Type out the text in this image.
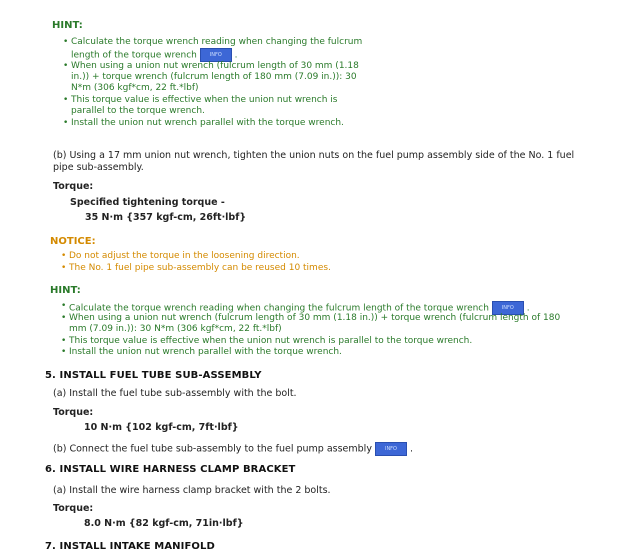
HINT:
• Calculate the torque wrench reading when changing the fulcrum length of the torque wrench	INFO .
• When using a union nut wrench (fulcrum length of 30 mm (1.18 in.)) + torque wrench (fulcrum length of 180 mm (7.09 in.)): 30 N*m (306 kgf*cm, 22 ft.*lbf)
• This torque value is effective when the union nut wrench is parallel to the torque wrench.
• Install the union nut wrench parallel with the torque wrench.
(b) Using a 17 mm union nut wrench, tighten the union nuts on the fuel pump assembly side of the No. 1 fuel pipe sub-assembly.
Torque:
Specified tightening torque -
35 N·m {357 kgf-cm, 26ft·lbf}
NOTICE:
• Do not adjust the torque in the loosening direction.
• The No. 1 fuel pipe sub-assembly can be reused 10 times.
HINT:
• Calculate the torque wrench reading when changing the fulcrum length of the torque wrench	INFO .
• When using a union nut wrench (fulcrum length of 30 mm (1.18 in.)) + torque wrench (fulcrum length of 180 mm (7.09 in.)): 30 N*m (306 kgf*cm, 22 ft.*lbf)
• This torque value is effective when the union nut wrench is parallel to the torque wrench.
• Install the union nut wrench parallel with the torque wrench.
5. INSTALL FUEL TUBE SUB-ASSEMBLY
(a) Install the fuel tube sub-assembly with the bolt.
Torque:
10 N·m {102 kgf-cm, 7ft·lbf}
(b) Connect the fuel tube sub-assembly to the fuel pump assembly	INFO .
6. INSTALL WIRE HARNESS CLAMP BRACKET
(a) Install the wire harness clamp bracket with the 2 bolts.
Torque:
8.0 N·m {82 kgf-cm, 71in·lbf}
7. INSTALL INTAKE MANIFOLD
